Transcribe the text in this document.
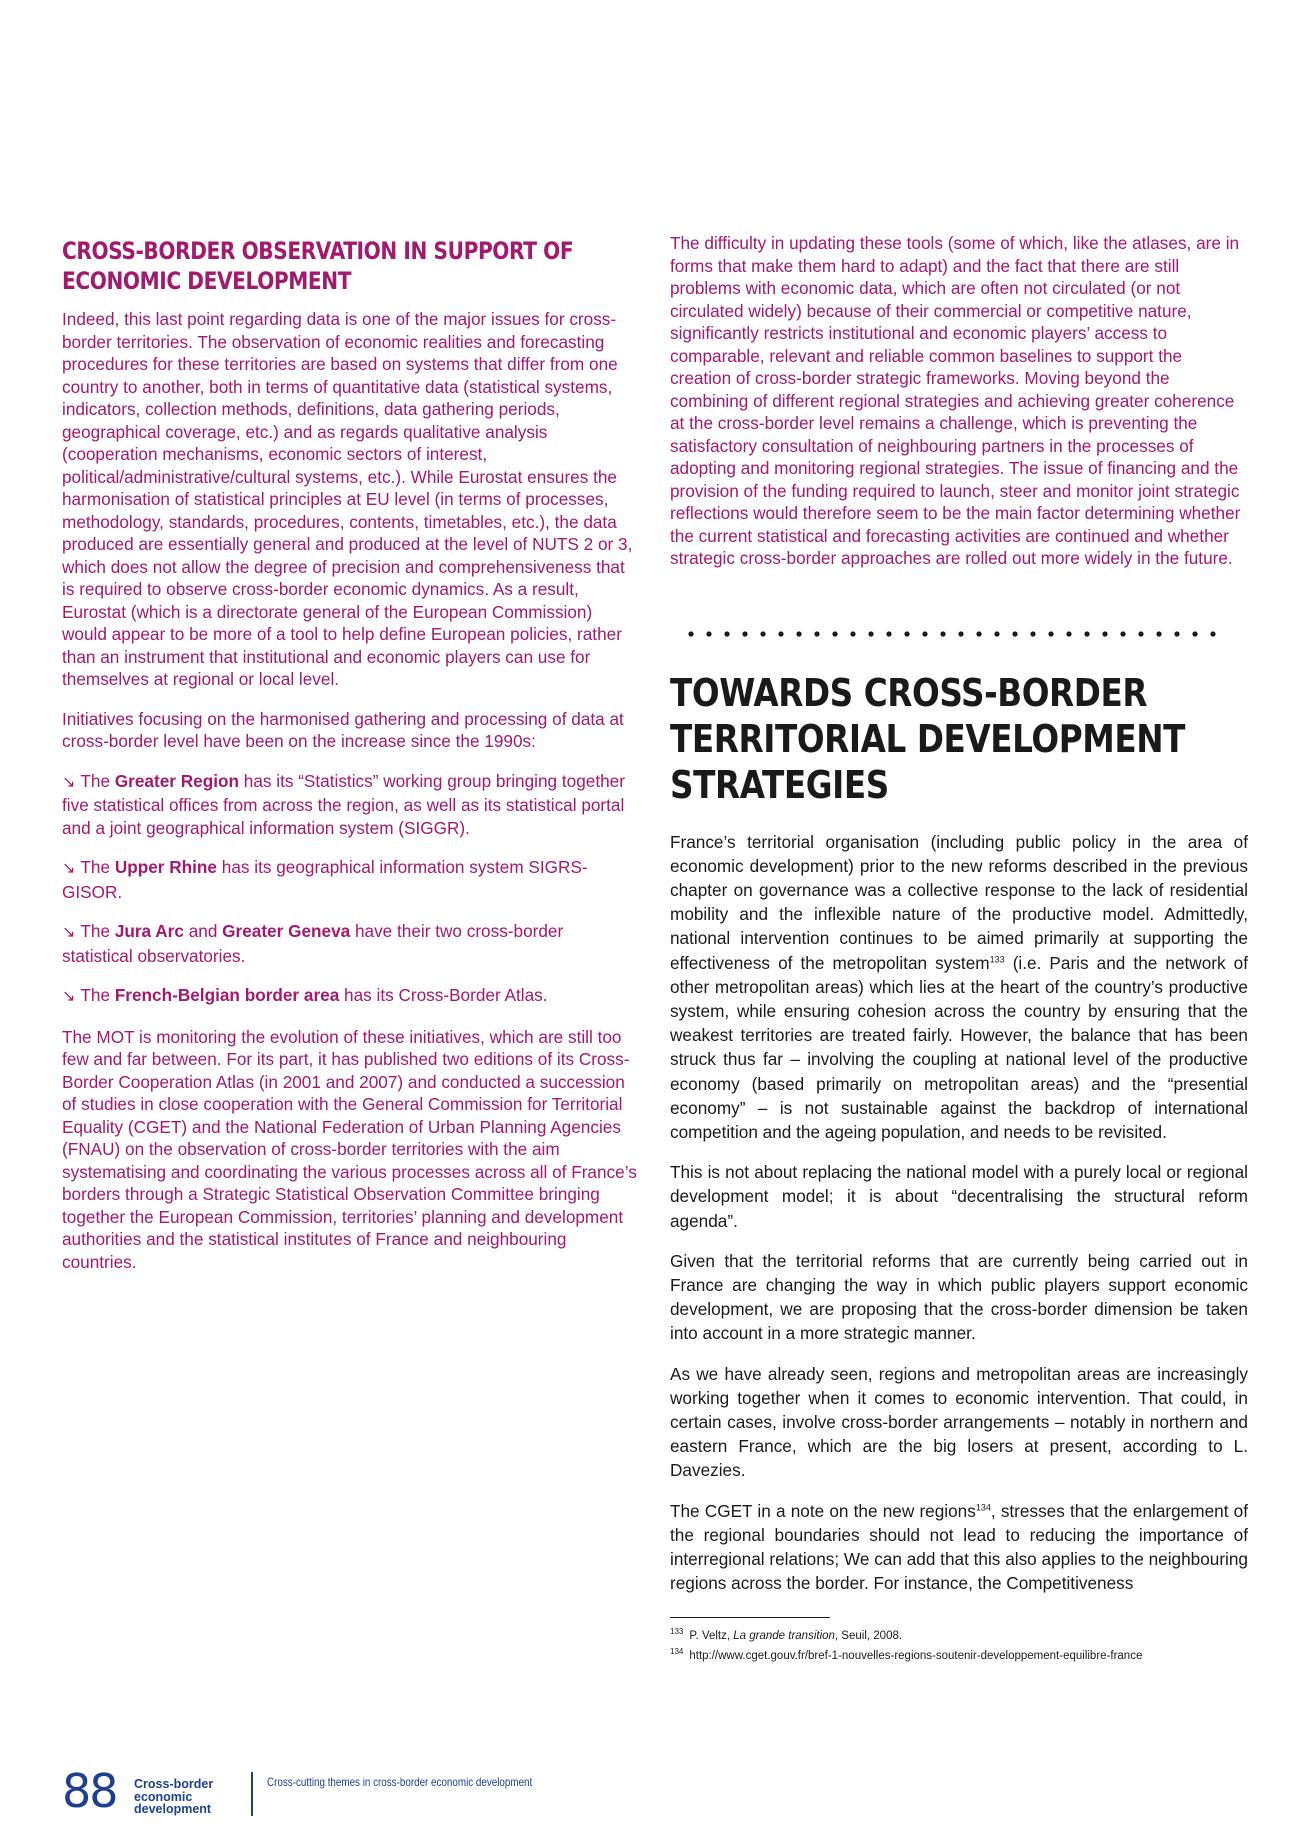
CROSS-BORDER OBSERVATION IN SUPPORT OF ECONOMIC DEVELOPMENT

Indeed, this last point regarding data is one of the major issues for cross-border territories. The observation of economic realities and forecasting procedures for these territories are based on systems that differ from one country to another, both in terms of quantitative data (statistical systems, indicators, collection methods, definitions, data gathering periods, geographical coverage, etc.) and as regards qualitative analysis (cooperation mechanisms, economic sectors of interest, political/administrative/cultural systems, etc.). While Eurostat ensures the harmonisation of statistical principles at EU level (in terms of processes, methodology, standards, procedures, contents, timetables, etc.), the data produced are essentially general and produced at the level of NUTS 2 or 3, which does not allow the degree of precision and comprehensiveness that is required to observe cross-border economic dynamics. As a result, Eurostat (which is a directorate general of the European Commission) would appear to be more of a tool to help define European policies, rather than an instrument that institutional and economic players can use for themselves at regional or local level.

Initiatives focusing on the harmonised gathering and processing of data at cross-border level have been on the increase since the 1990s:

↘ The Greater Region has its “Statistics” working group bringing together five statistical offices from across the region, as well as its statistical portal and a joint geographical information system (SIGGR).

↘ The Upper Rhine has its geographical information system SIGRS-GISOR.

↘ The Jura Arc and Greater Geneva have their two cross-border statistical observatories.

↘ The French-Belgian border area has its Cross-Border Atlas.

The MOT is monitoring the evolution of these initiatives, which are still too few and far between. For its part, it has published two editions of its Cross-Border Cooperation Atlas (in 2001 and 2007) and conducted a succession of studies in close cooperation with the General Commission for Territorial Equality (CGET) and the National Federation of Urban Planning Agencies (FNAU) on the observation of cross-border territories with the aim systematising and coordinating the various processes across all of France’s borders through a Strategic Statistical Observation Committee bringing together the European Commission, territories’ planning and development authorities and the statistical institutes of France and neighbouring countries.

The difficulty in updating these tools (some of which, like the atlases, are in forms that make them hard to adapt) and the fact that there are still problems with economic data, which are often not circulated (or not circulated widely) because of their commercial or competitive nature, significantly restricts institutional and economic players’ access to comparable, relevant and reliable common baselines to support the creation of cross-border strategic frameworks. Moving beyond the combining of different regional strategies and achieving greater coherence at the cross-border level remains a challenge, which is preventing the satisfactory consultation of neighbouring partners in the processes of adopting and monitoring regional strategies. The issue of financing and the provision of the funding required to launch, steer and monitor joint strategic reflections would therefore seem to be the main factor determining whether the current statistical and forecasting activities are continued and whether strategic cross-border approaches are rolled out more widely in the future.

TOWARDS CROSS-BORDER TERRITORIAL DEVELOPMENT STRATEGIES

France’s territorial organisation (including public policy in the area of economic development) prior to the new reforms described in the previous chapter on governance was a collective response to the lack of residential mobility and the inflexible nature of the productive model. Admittedly, national intervention continues to be aimed primarily at supporting the effectiveness of the metropolitan system$^{133}$ (i.e. Paris and the network of other metropolitan areas) which lies at the heart of the country’s productive system, while ensuring cohesion across the country by ensuring that the weakest territories are treated fairly. However, the balance that has been struck thus far – involving the coupling at national level of the productive economy (based primarily on metropolitan areas) and the “presential economy” – is not sustainable against the backdrop of international competition and the ageing population, and needs to be revisited.

This is not about replacing the national model with a purely local or regional development model; it is about “decentralising the structural reform agenda”.

Given that the territorial reforms that are currently being carried out in France are changing the way in which public players support economic development, we are proposing that the cross-border dimension be taken into account in a more strategic manner.

As we have already seen, regions and metropolitan areas are increasingly working together when it comes to economic intervention. That could, in certain cases, involve cross-border arrangements – notably in northern and eastern France, which are the big losers at present, according to L. Davezies.

The CGET in a note on the new regions$^{134}$, stresses that the enlargement of the regional boundaries should not lead to reducing the importance of interregional relations; We can add that this also applies to the neighbouring regions across the border. For instance, the Competitiveness

$^{133}$ P. Veltz, La grande transition, Seuil, 2008.

$^{134}$ http://www.cget.gouv.fr/bref-1-nouvelles-regions-soutenir-developpement-equilibre-france

88 Cross-border
economic
development
Cross-cutting themes in cross-border economic development
